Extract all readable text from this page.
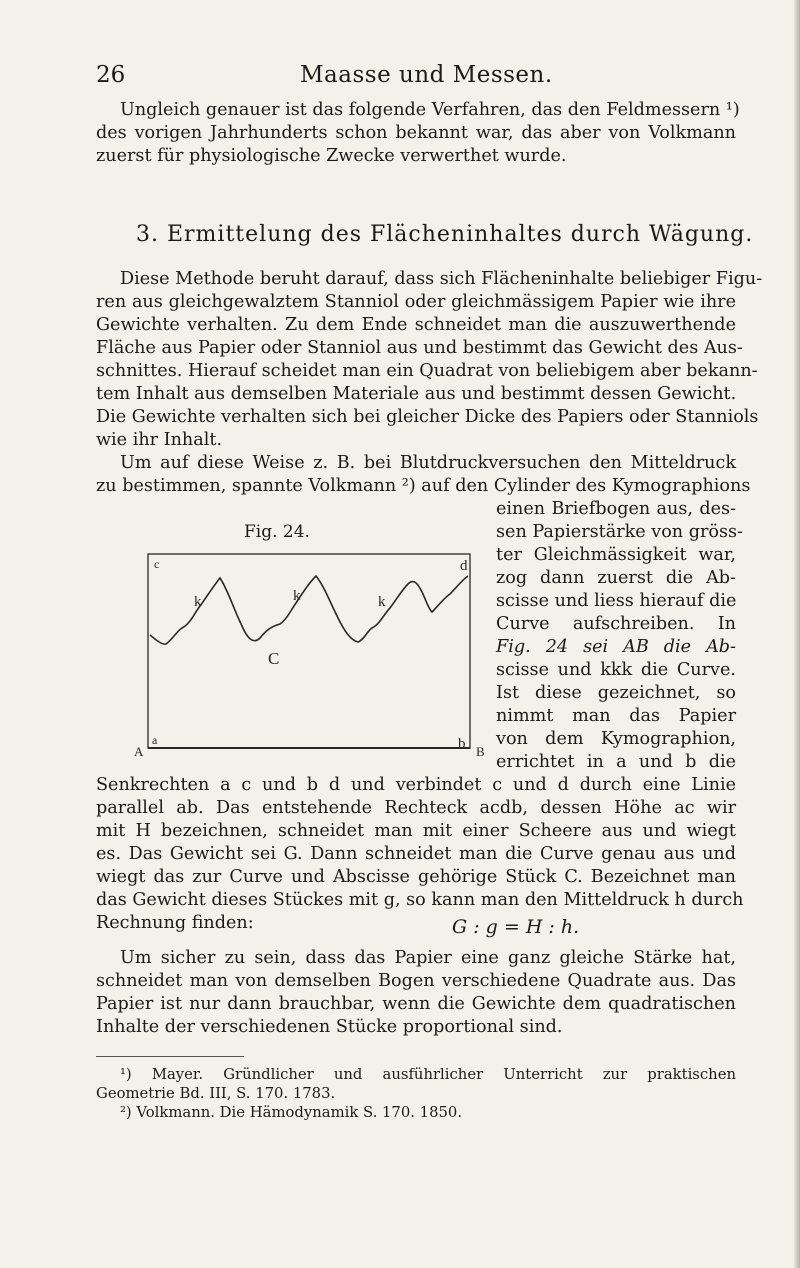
26	Maasse und Messen.
Ungleich genauer ist das folgende Verfahren, das den Feldmessern ¹)
des vorigen Jahrhunderts schon bekannt war, das aber von Volkmann
zuerst für physiologische Zwecke verwerthet wurde.
3. Ermittelung des Flächeninhaltes durch Wägung.
Diese Methode beruht darauf, dass sich Flächeninhalte beliebiger Figu-
ren aus gleichgewalztem Stanniol oder gleichmässigem Papier wie ihre
Gewichte verhalten. Zu dem Ende schneidet man die auszuwerthende
Fläche aus Papier oder Stanniol aus und bestimmt das Gewicht des Aus-
schnittes. Hierauf scheidet man ein Quadrat von beliebigem aber bekann-
tem Inhalt aus demselben Materiale aus und bestimmt dessen Gewicht.
Die Gewichte verhalten sich bei gleicher Dicke des Papiers oder Stanniols
wie ihr Inhalt.
Um auf diese Weise z. B. bei Blutdruckversuchen den Mitteldruck
zu bestimmen, spannte Volkmann ²) auf den Cylinder des Kymographions
Fig. 24.
c	d
k	k	k
C
A
a	b B
einen Briefbogen aus, des-
sen Papierstärke von gröss-
ter Gleichmässigkeit war,
zog dann zuerst die Ab-
scisse und liess hierauf die
Curve aufschreiben. In
Fig. 24 sei AB die Ab-
scisse und kkk die Curve.
Ist diese gezeichnet, so
nimmt man das Papier
von dem Kymographion,
errichtet in a und b die
Senkrechten a c und b d und verbindet c und d durch eine Linie
parallel ab. Das entstehende Rechteck acdb, dessen Höhe ac wir
mit H bezeichnen, schneidet man mit einer Scheere aus und wiegt
es. Das Gewicht sei G. Dann schneidet man die Curve genau aus und
wiegt das zur Curve und Abscisse gehörige Stück C. Bezeichnet man
das Gewicht dieses Stückes mit g, so kann man den Mitteldruck h durch
Rechnung finden:	G : g = H : h.
Um sicher zu sein, dass das Papier eine ganz gleiche Stärke hat,
schneidet man von demselben Bogen verschiedene Quadrate aus. Das
Papier ist nur dann brauchbar, wenn die Gewichte dem quadratischen
Inhalte der verschiedenen Stücke proportional sind.
¹) Mayer. Gründlicher und ausführlicher Unterricht zur praktischen
Geometrie Bd. III, S. 170. 1783.
²) Volkmann. Die Hämodynamik S. 170. 1850.
